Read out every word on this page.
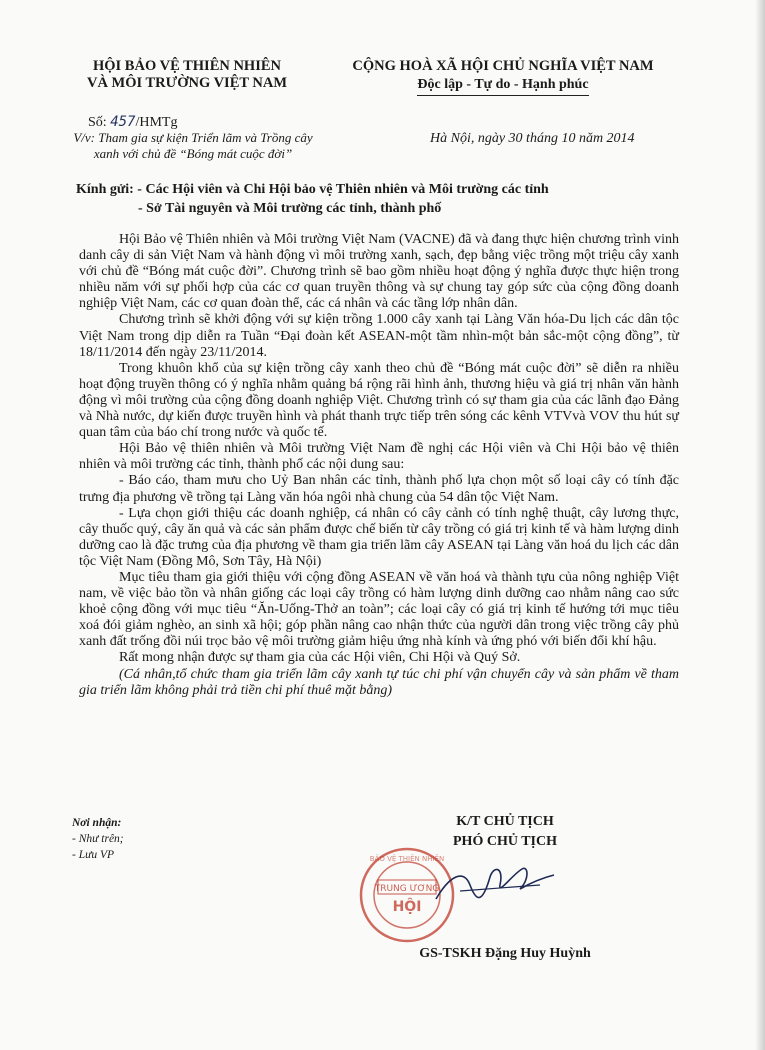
HỘI BẢO VỆ THIÊN NHIÊN
VÀ MÔI TRƯỜNG VIỆT NAM
CỘNG HOÀ XÃ HỘI CHỦ NGHĨA VIỆT NAM
Độc lập - Tự do - Hạnh phúc
Số: 457/HMTg
V/v: Tham gia sự kiện Triển lãm và Trồng cây xanh với chủ đề “Bóng mát cuộc đời”
Hà Nội, ngày 30 tháng 10 năm 2014
Kính gửi: - Các Hội viên và Chi Hội bảo vệ Thiên nhiên và Môi trường các tỉnh
- Sở Tài nguyên và Môi trường các tỉnh, thành phố

Hội Bảo vệ Thiên nhiên và Môi trường Việt Nam (VACNE) đã và đang thực hiện chương trình vinh danh cây di sản Việt Nam và hành động vì môi trường xanh, sạch, đẹp bằng việc trồng một triệu cây xanh với chủ đề “Bóng mát cuộc đời”. Chương trình sẽ bao gồm nhiều hoạt động ý nghĩa được thực hiện trong nhiều năm với sự phối hợp của các cơ quan truyền thông và sự chung tay góp sức của cộng đồng doanh nghiệp Việt Nam, các cơ quan đoàn thể, các cá nhân và các tầng lớp nhân dân.

Chương trình sẽ khởi động với sự kiện trồng 1.000 cây xanh tại Làng Văn hóa-Du lịch các dân tộc Việt Nam trong dịp diễn ra Tuần “Đại đoàn kết ASEAN-một tầm nhìn-một bản sắc-một cộng đồng”, từ 18/11/2014 đến ngày 23/11/2014.

Trong khuôn khổ của sự kiện trồng cây xanh theo chủ đề “Bóng mát cuộc đời” sẽ diễn ra nhiều hoạt động truyền thông có ý nghĩa nhằm quảng bá rộng rãi hình ảnh, thương hiệu và giá trị nhân văn hành động vì môi trường của cộng đồng doanh nghiệp Việt. Chương trình có sự tham gia của các lãnh đạo Đảng và Nhà nước, dự kiến được truyền hình và phát thanh trực tiếp trên sóng các kênh VTVvà VOV thu hút sự quan tâm của báo chí trong nước và quốc tế.

Hội Bảo vệ thiên nhiên và Môi trường Việt Nam đề nghị các Hội viên và Chi Hội bảo vệ thiên nhiên và môi trường các tỉnh, thành phố các nội dung sau:

- Báo cáo, tham mưu cho Uỷ Ban nhân các tỉnh, thành phố lựa chọn một số loại cây có tính đặc trưng địa phương về trồng tại Làng văn hóa ngôi nhà chung của 54 dân tộc Việt Nam.

- Lựa chọn giới thiệu các doanh nghiệp, cá nhân có cây cảnh có tính nghệ thuật, cây lương thực, cây thuốc quý, cây ăn quả và các sản phẩm được chế biến từ cây trồng có giá trị kinh tế và hàm lượng dinh dưỡng cao là đặc trưng của địa phương về tham gia triển lãm cây ASEAN tại Làng văn hoá du lịch các dân tộc Việt Nam (Đồng Mô, Sơn Tây, Hà Nội)

Mục tiêu tham gia giới thiệu với cộng đồng ASEAN về văn hoá và thành tựu của nông nghiệp Việt nam, về việc bảo tồn và nhân giống các loại cây trồng có hàm lượng dinh dưỡng cao nhằm nâng cao sức khoẻ cộng đồng với mục tiêu “Ăn-Uống-Thở an toàn”; các loại cây có giá trị kinh tế hướng tới mục tiêu xoá đói giảm nghèo, an sinh xã hội; góp phần nâng cao nhận thức của người dân trong việc trồng cây phủ xanh đất trống đồi núi trọc bảo vệ môi trường giảm hiệu ứng nhà kính và ứng phó với biến đổi khí hậu.

Rất mong nhận được sự tham gia của các Hội viên, Chi Hội và Quý Sở.

(Cá nhân,tổ chức tham gia triển lãm cây xanh tự túc chi phí vận chuyển cây và sản phẩm về tham gia triển lãm không phải trả tiền chi phí thuê mặt bằng)

Nơi nhận:
- Như trên;
- Lưu VP
K/T CHỦ TỊCH
PHÓ CHỦ TỊCH
TRUNG ƯƠNG
HỘI
BẢO VỆ THIÊN NHIÊN
GS-TSKH Đặng Huy Huỳnh
